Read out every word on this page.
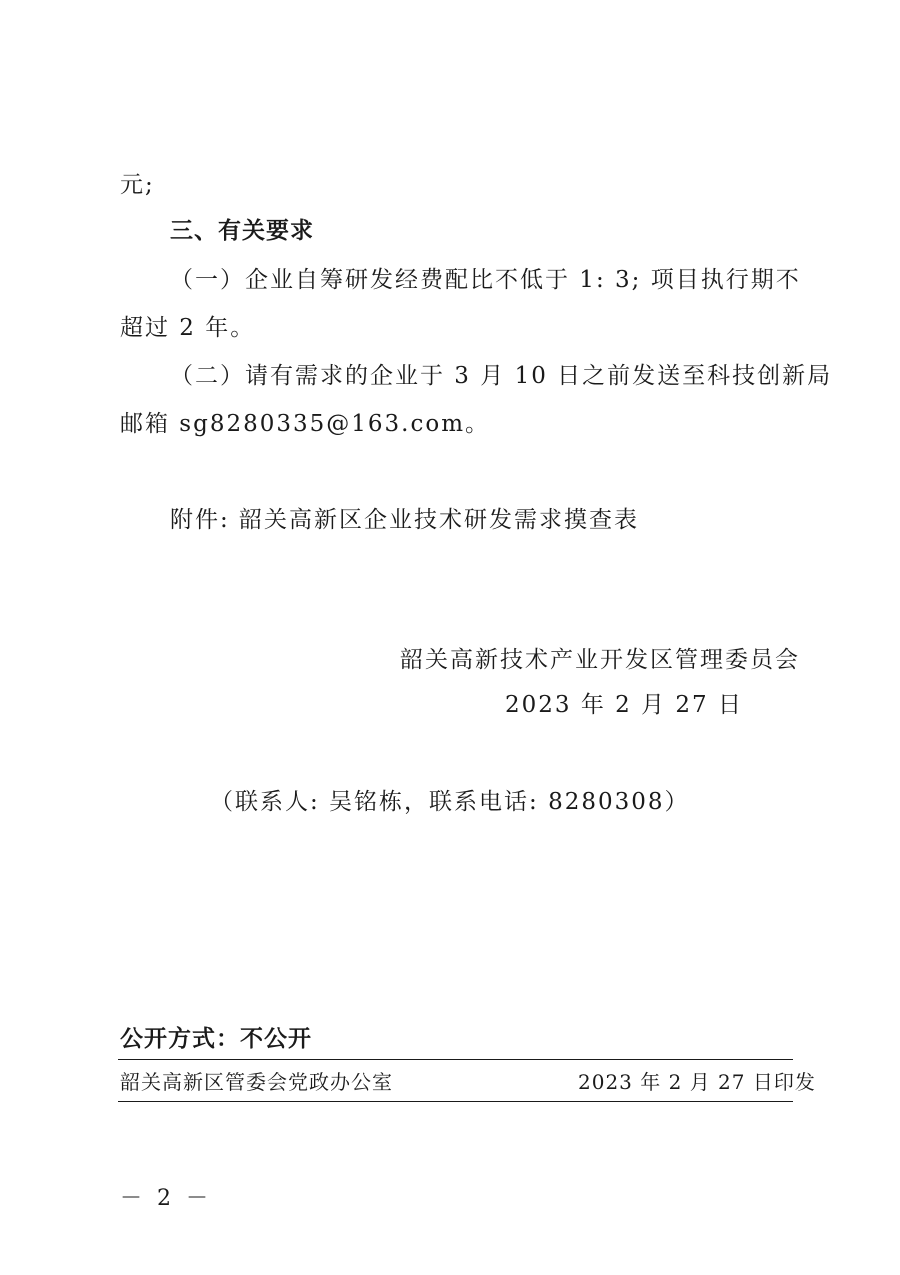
元;
三、有关要求
（一）企业自筹研发经费配比不低于 1: 3; 项目执行期不
超过 2 年。
（二）请有需求的企业于 3 月 10 日之前发送至科技创新局
邮箱 sg8280335@163.com。
附件: 韶关高新区企业技术研发需求摸查表
韶关高新技术产业开发区管理委员会
2023 年 2 月 27 日
（联系人: 吴铭栋，联系电话: 8280308）
公开方式：不公开
韶关高新区管委会党政办公室	2023 年 2 月 27 日印发
－ 2 －
